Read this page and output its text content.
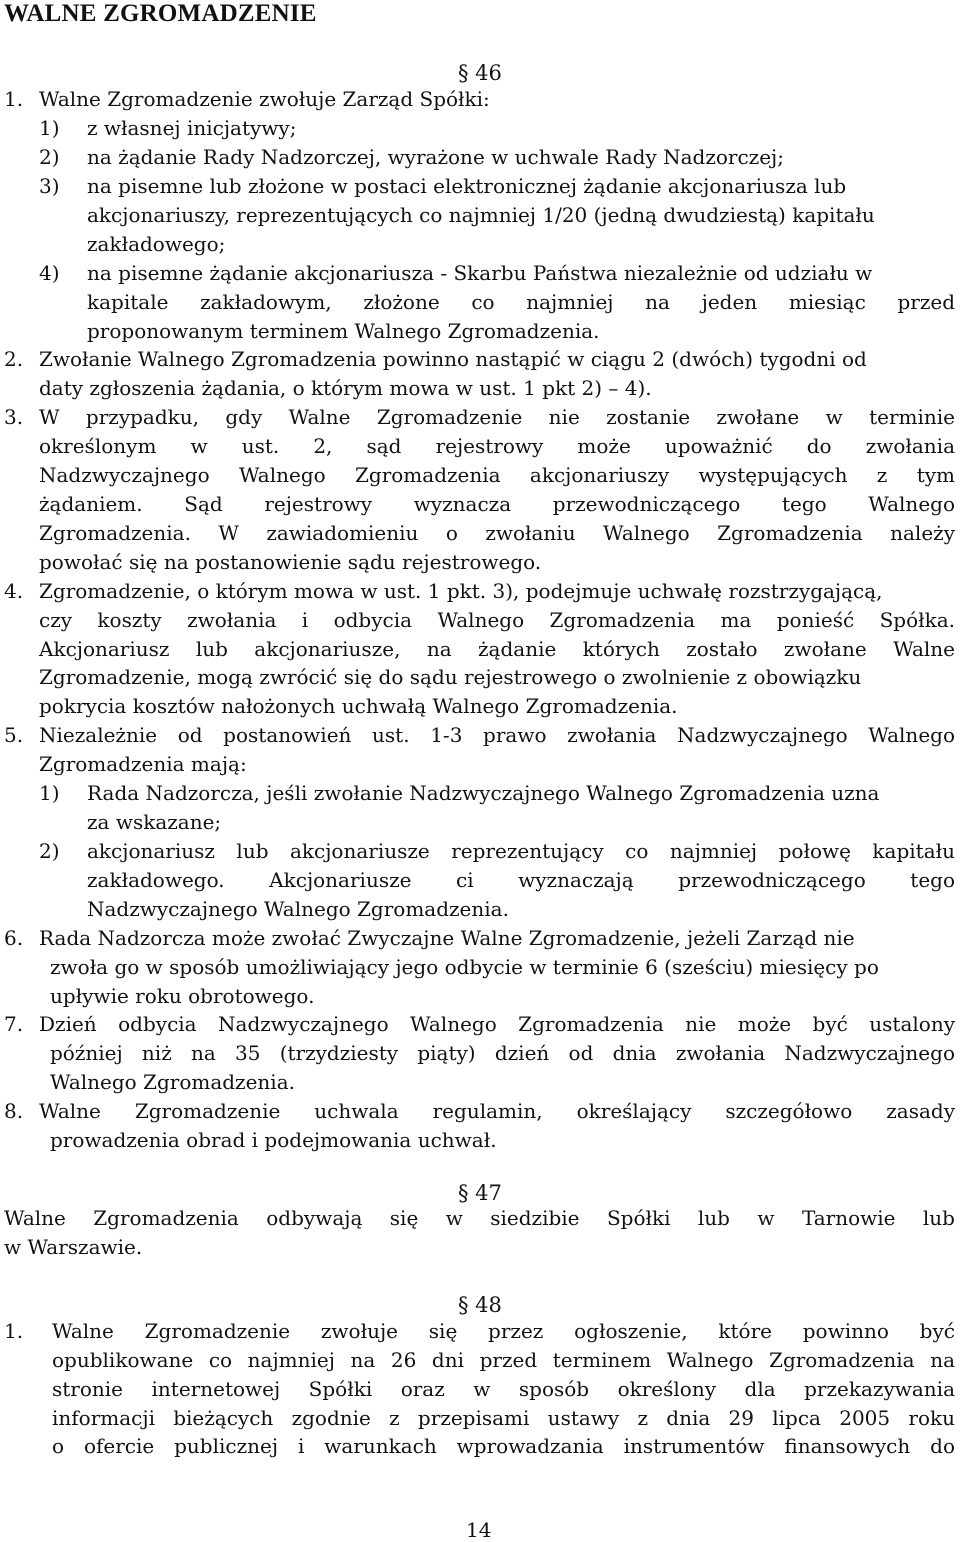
WALNE ZGROMADZENIE
§ 46
1. Walne Zgromadzenie zwołuje Zarząd Spółki:
1) z własnej inicjatywy;
2) na żądanie Rady Nadzorczej, wyrażone w uchwale Rady Nadzorczej;
3) na pisemne lub złożone w postaci elektronicznej żądanie akcjonariusza lub
akcjonariuszy, reprezentujących co najmniej 1/20 (jedną dwudziestą) kapitału
zakładowego;
4) na pisemne żądanie akcjonariusza - Skarbu Państwa niezależnie od udziału w
kapitale zakładowym, złożone co najmniej na jeden miesiąc przed
proponowanym terminem Walnego Zgromadzenia.
2. Zwołanie Walnego Zgromadzenia powinno nastąpić w ciągu 2 (dwóch) tygodni od
daty zgłoszenia żądania, o którym mowa w ust. 1 pkt 2) – 4).
3. W przypadku, gdy Walne Zgromadzenie nie zostanie zwołane w terminie
określonym w ust. 2, sąd rejestrowy może upoważnić do zwołania
Nadzwyczajnego Walnego Zgromadzenia akcjonariuszy występujących z tym
żądaniem. Sąd rejestrowy wyznacza przewodniczącego tego Walnego
Zgromadzenia. W zawiadomieniu o zwołaniu Walnego Zgromadzenia należy
powołać się na postanowienie sądu rejestrowego.
4. Zgromadzenie, o którym mowa w ust. 1 pkt. 3), podejmuje uchwałę rozstrzygającą,
czy koszty zwołania i odbycia Walnego Zgromadzenia ma ponieść Spółka.
Akcjonariusz lub akcjonariusze, na żądanie których zostało zwołane Walne
Zgromadzenie, mogą zwrócić się do sądu rejestrowego o zwolnienie z obowiązku
pokrycia kosztów nałożonych uchwałą Walnego Zgromadzenia.
5. Niezależnie od postanowień ust. 1-3 prawo zwołania Nadzwyczajnego Walnego
Zgromadzenia mają:
1) Rada Nadzorcza, jeśli zwołanie Nadzwyczajnego Walnego Zgromadzenia uzna
za wskazane;
2) akcjonariusz lub akcjonariusze reprezentujący co najmniej połowę kapitału
zakładowego. Akcjonariusze ci wyznaczają przewodniczącego tego
Nadzwyczajnego Walnego Zgromadzenia.
6. Rada Nadzorcza może zwołać Zwyczajne Walne Zgromadzenie, jeżeli Zarząd nie
zwoła go w sposób umożliwiający jego odbycie w terminie 6 (sześciu) miesięcy po
upływie roku obrotowego.
7. Dzień odbycia Nadzwyczajnego Walnego Zgromadzenia nie może być ustalony
później niż na 35 (trzydziesty piąty) dzień od dnia zwołania Nadzwyczajnego
Walnego Zgromadzenia.
8. Walne Zgromadzenie uchwala regulamin, określający szczegółowo zasady
prowadzenia obrad i podejmowania uchwał.
§ 47
Walne Zgromadzenia odbywają się w siedzibie Spółki lub w Tarnowie lub
w Warszawie.
§ 48
1. Walne Zgromadzenie zwołuje się przez ogłoszenie, które powinno być
opublikowane co najmniej na 26 dni przed terminem Walnego Zgromadzenia na
stronie internetowej Spółki oraz w sposób określony dla przekazywania
informacji bieżących zgodnie z przepisami ustawy z dnia 29 lipca 2005 roku
o ofercie publicznej i warunkach wprowadzania instrumentów finansowych do
14
